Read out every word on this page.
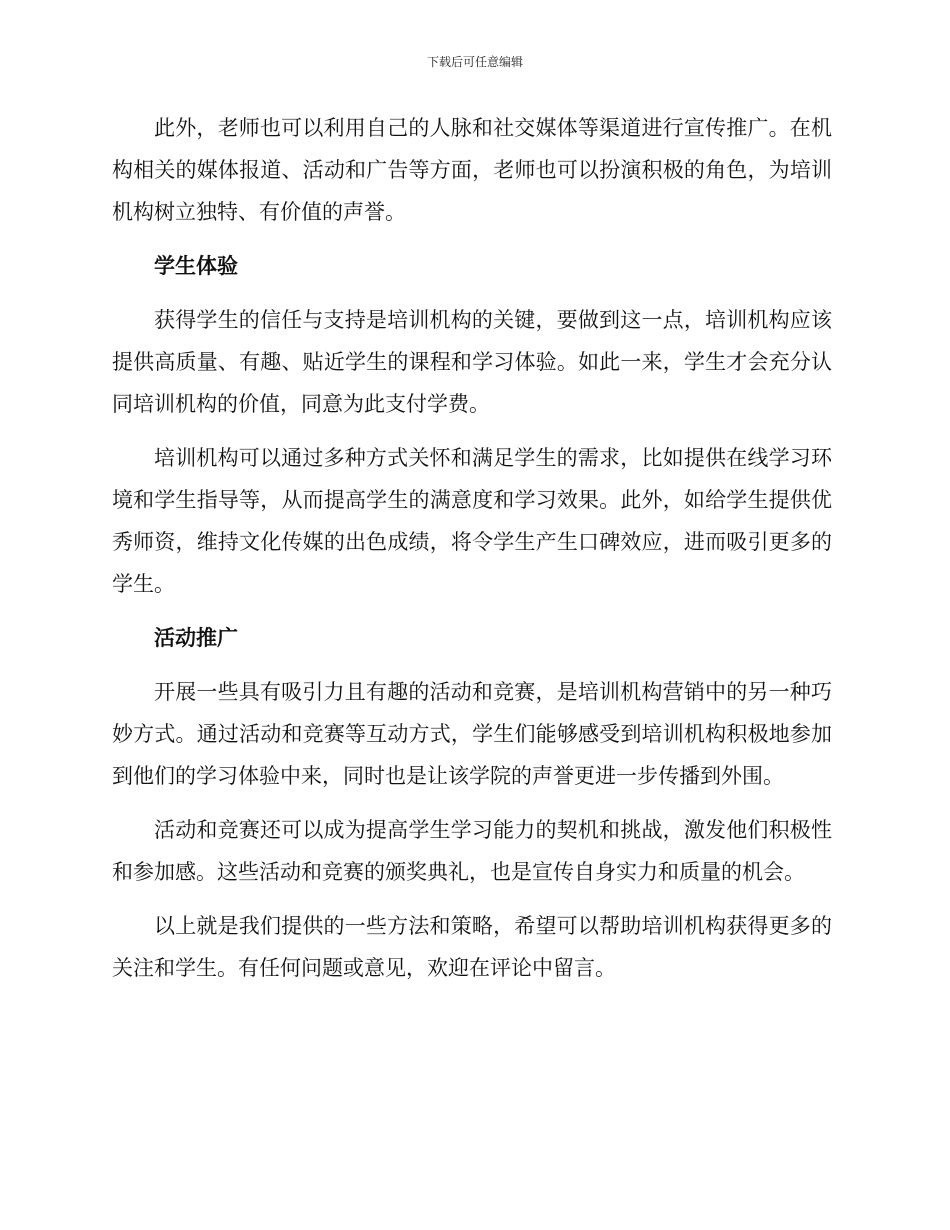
下载后可任意编辑

此外，老师也可以利用自己的人脉和社交媒体等渠道进行宣传推广。在机构相关的媒体报道、活动和广告等方面，老师也可以扮演积极的角色，为培训机构树立独特、有价值的声誉。

学生体验

获得学生的信任与支持是培训机构的关键，要做到这一点，培训机构应该提供高质量、有趣、贴近学生的课程和学习体验。如此一来，学生才会充分认同培训机构的价值，同意为此支付学费。

培训机构可以通过多种方式关怀和满足学生的需求，比如提供在线学习环境和学生指导等，从而提高学生的满意度和学习效果。此外，如给学生提供优秀师资，维持文化传媒的出色成绩，将令学生产生口碑效应，进而吸引更多的学生。

活动推广

开展一些具有吸引力且有趣的活动和竞赛，是培训机构营销中的另一种巧妙方式。通过活动和竞赛等互动方式，学生们能够感受到培训机构积极地参加到他们的学习体验中来，同时也是让该学院的声誉更进一步传播到外围。

活动和竞赛还可以成为提高学生学习能力的契机和挑战，激发他们积极性和参加感。这些活动和竞赛的颁奖典礼，也是宣传自身实力和质量的机会。

以上就是我们提供的一些方法和策略，希望可以帮助培训机构获得更多的关注和学生。有任何问题或意见，欢迎在评论中留言。
